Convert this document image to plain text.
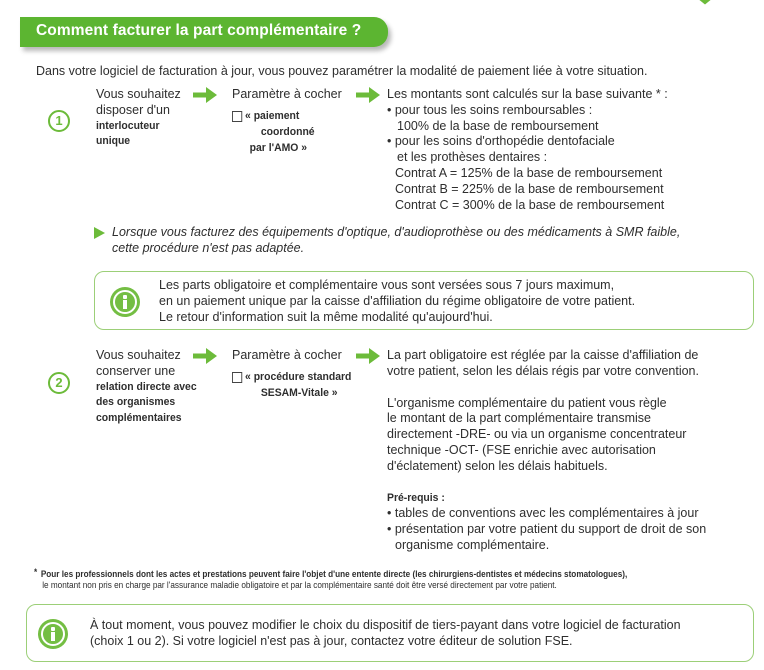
Comment facturer la part complémentaire ?
Dans votre logiciel de facturation à jour, vous pouvez paramétrer la modalité de paiement liée à votre situation.
1
Vous souhaitez
disposer d'un
interlocuteur
unique
Paramètre à cocher
« paiement
coordonné
par l'AMO »
Les montants sont calculés sur la base suivante * :
• pour tous les soins remboursables :
100% de la base de remboursement
• pour les soins d'orthopédie dentofaciale
et les prothèses dentaires :
Contrat A = 125% de la base de remboursement
Contrat B = 225% de la base de remboursement
Contrat C = 300% de la base de remboursement
Lorsque vous facturez des équipements d'optique, d'audioprothèse ou des médicaments à SMR faible,
cette procédure n'est pas adaptée.
Les parts obligatoire et complémentaire vous sont versées sous 7 jours maximum,
en un paiement unique par la caisse d'affiliation du régime obligatoire de votre patient.
Le retour d'information suit la même modalité qu'aujourd'hui.
2
Vous souhaitez
conserver une
relation directe avec
des organismes
complémentaires
Paramètre à cocher
« procédure standard
SESAM-Vitale »
La part obligatoire est réglée par la caisse d'affiliation de
votre patient, selon les délais régis par votre convention.
L'organisme complémentaire du patient vous règle
le montant de la part complémentaire transmise
directement -DRE- ou via un organisme concentrateur
technique -OCT- (FSE enrichie avec autorisation
d'éclatement) selon les délais habituels.
Pré-requis :
• tables de conventions avec les complémentaires à jour
• présentation par votre patient du support de droit de son
organisme complémentaire.
* Pour les professionnels dont les actes et prestations peuvent faire l'objet d'une entente directe (les chirurgiens-dentistes et médecins stomatologues),
le montant non pris en charge par l'assurance maladie obligatoire et par la complémentaire santé doit être versé directement par votre patient.
À tout moment, vous pouvez modifier le choix du dispositif de tiers-payant dans votre logiciel de facturation
(choix 1 ou 2). Si votre logiciel n'est pas à jour, contactez votre éditeur de solution FSE.
